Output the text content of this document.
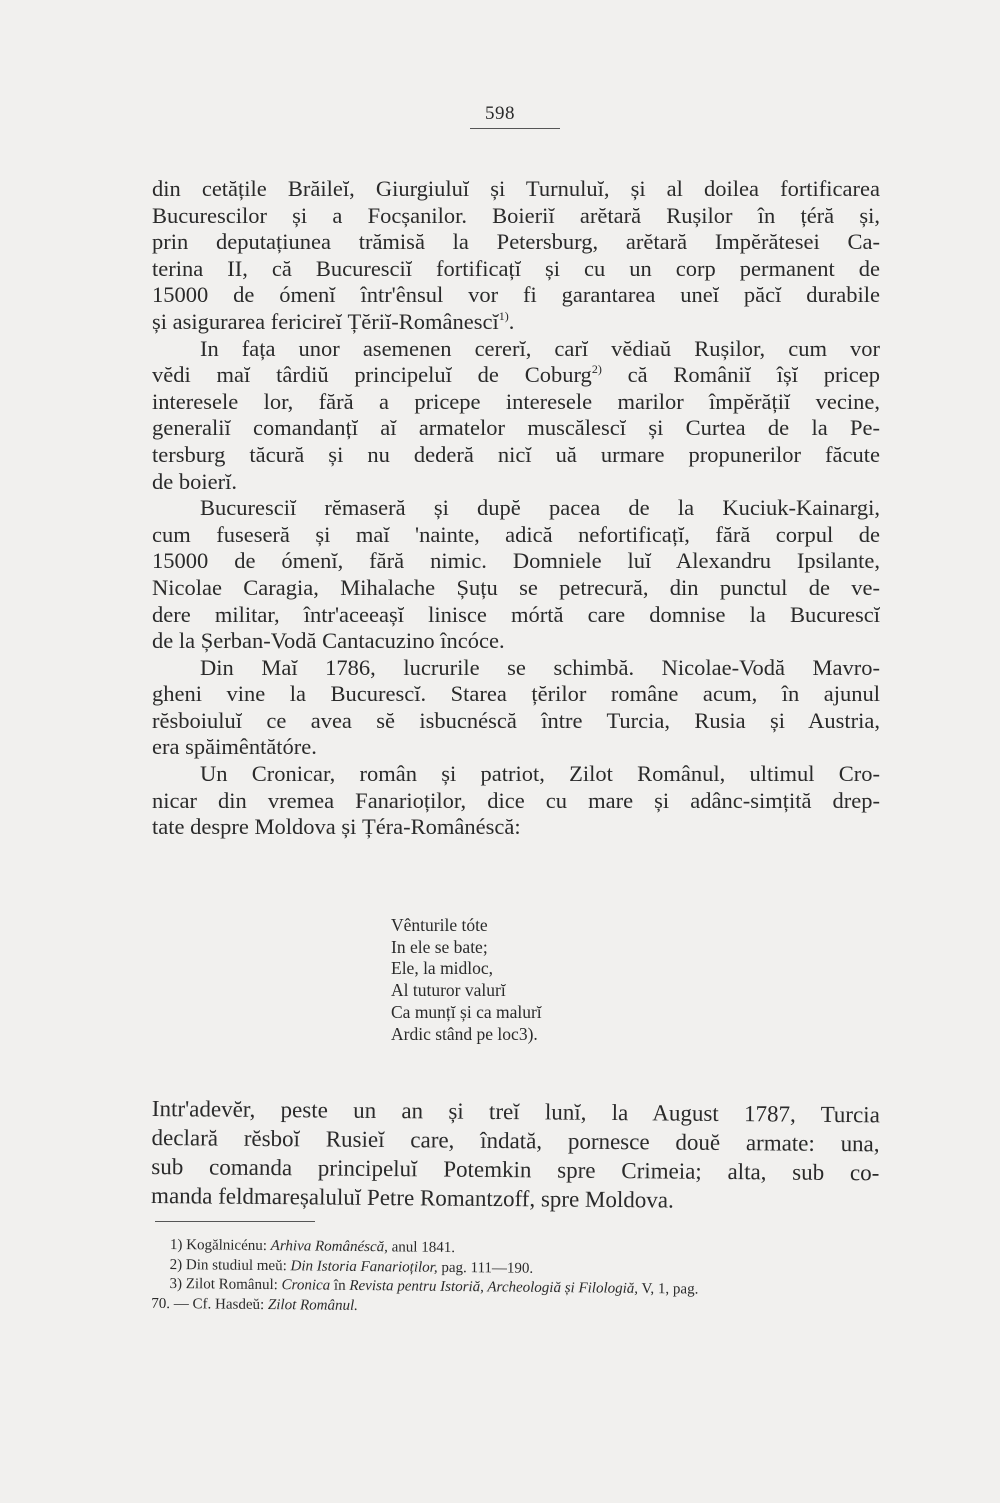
598

din cetățile Brăileĭ, Giurgiuluĭ și Turnuluĭ, și al doilea fortificarea

Bucurescilor și a Focșanilor. Boieriĭ arĕtară Rușilor în țéră și,

prin deputațiunea trămisă la Petersburg, arĕtară Impĕrătesei Ca-

terina II, că Bucuresciĭ fortificațĭ și cu un corp permanent de

15000 de ómenĭ într'ênsul vor fi garantarea uneĭ păcĭ durabile

și asigurarea fericireĭ Țĕriĭ-Românescĭ$^{1)}$.

In fața unor asemenen cererĭ, carĭ vĕdiaŭ Rușilor, cum vor

vĕdi maĭ târdiŭ principeluĭ de Coburg$^{2)}$ că Româniĭ îșĭ pricep

interesele lor, fără a pricepe interesele marilor împĕrățiĭ vecine,

generaliĭ comandanțĭ aĭ armatelor muscălescĭ și Curtea de la Pe-

tersburg tăcură și nu dederă nicĭ uă urmare propunerilor făcute

de boierĭ.

Bucuresciĭ rĕmaseră și dupĕ pacea de la Kuciuk-Kainargi,

cum fuseseră și maĭ 'nainte, adică nefortificațĭ, fără corpul de

15000 de ómenĭ, fără nimic. Domniele luĭ Alexandru Ipsilante,

Nicolae Caragia, Mihalache Șuțu se petrecură, din punctul de ve-

dere militar, într'aceeașĭ linisce mórtă care domnise la Bucurescĭ

de la Șerban-Vodă Cantacuzino încóce.

Din Maĭ 1786, lucrurile se schimbă. Nicolae-Vodă Mavro-

gheni vine la Bucurescĭ. Starea țĕrilor române acum, în ajunul

rĕsboiuluĭ ce avea sĕ isbucnéscă între Turcia, Rusia și Austria,

era spăimêntătóre.

Un Cronicar, român și patriot, Zilot Românul, ultimul Cro-

nicar din vremea Fanarioților, dice cu mare și adânc-simțită drep-

tate despre Moldova și Țéra-Românéscă:

Vênturile tóte
In ele se bate;
Ele, la midloc,
Al tuturor valurĭ
Ca munțĭ și ca malurĭ
Ardic stând pe loc3).

Intr'adevĕr, peste un an și treĭ lunĭ, la August 1787, Turcia

declară rĕsboĭ Rusieĭ care, îndată, pornesce douĕ armate: una,

sub comanda principeluĭ Potemkin spre Crimeia; alta, sub co-

manda feldmareșaluluĭ Petre Romantzoff, spre Moldova.

1) Kogălnicénu: Arhiva Românéscă, anul 1841.
2) Din studiul meŭ: Din Istoria Fanarioților, pag. 111—190.
3) Zilot Românul: Cronica în Revista pentru Istoriă, Archeologiă și Filologiă, V, 1, pag.
70. — Cf. Hasdeŭ: Zilot Românul.
